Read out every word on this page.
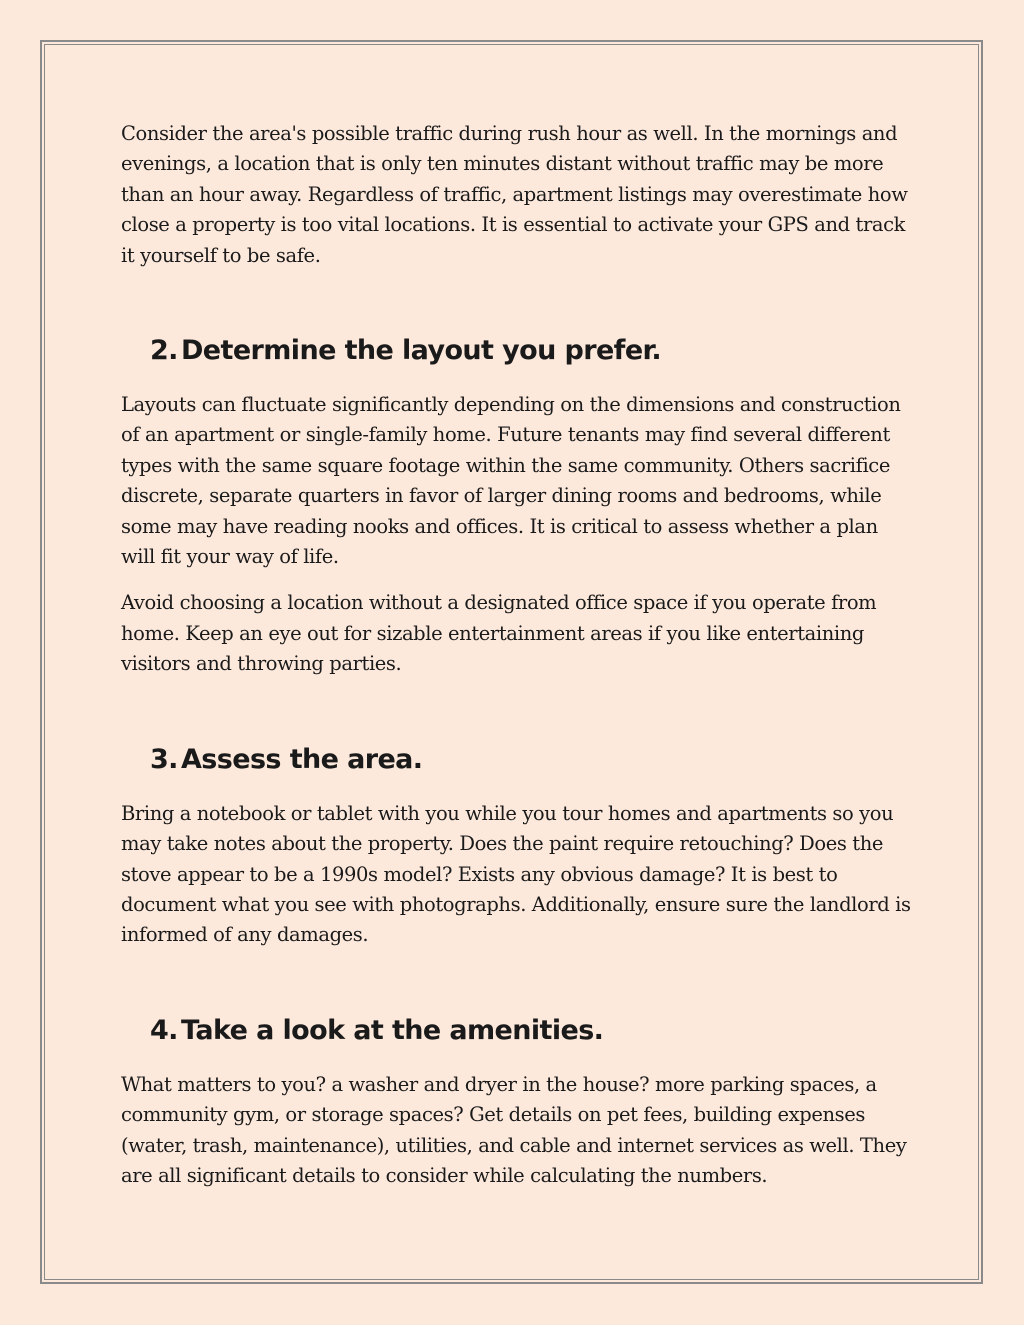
Consider the area's possible traffic during rush hour as well. In the mornings and evenings, a location that is only ten minutes distant without traffic may be more than an hour away. Regardless of traffic, apartment listings may overestimate how close a property is too vital locations. It is essential to activate your GPS and track it yourself to be safe.

2. Determine the layout you prefer.

Layouts can fluctuate significantly depending on the dimensions and construction of an apartment or single-family home. Future tenants may find several different types with the same square footage within the same community. Others sacrifice discrete, separate quarters in favor of larger dining rooms and bedrooms, while some may have reading nooks and offices. It is critical to assess whether a plan will fit your way of life.

Avoid choosing a location without a designated office space if you operate from home. Keep an eye out for sizable entertainment areas if you like entertaining visitors and throwing parties.

3. Assess the area.

Bring a notebook or tablet with you while you tour homes and apartments so you may take notes about the property. Does the paint require retouching? Does the stove appear to be a 1990s model? Exists any obvious damage? It is best to document what you see with photographs. Additionally, ensure sure the landlord is informed of any damages.

4. Take a look at the amenities.

What matters to you? a washer and dryer in the house? more parking spaces, a community gym, or storage spaces? Get details on pet fees, building expenses (water, trash, maintenance), utilities, and cable and internet services as well. They are all significant details to consider while calculating the numbers.
